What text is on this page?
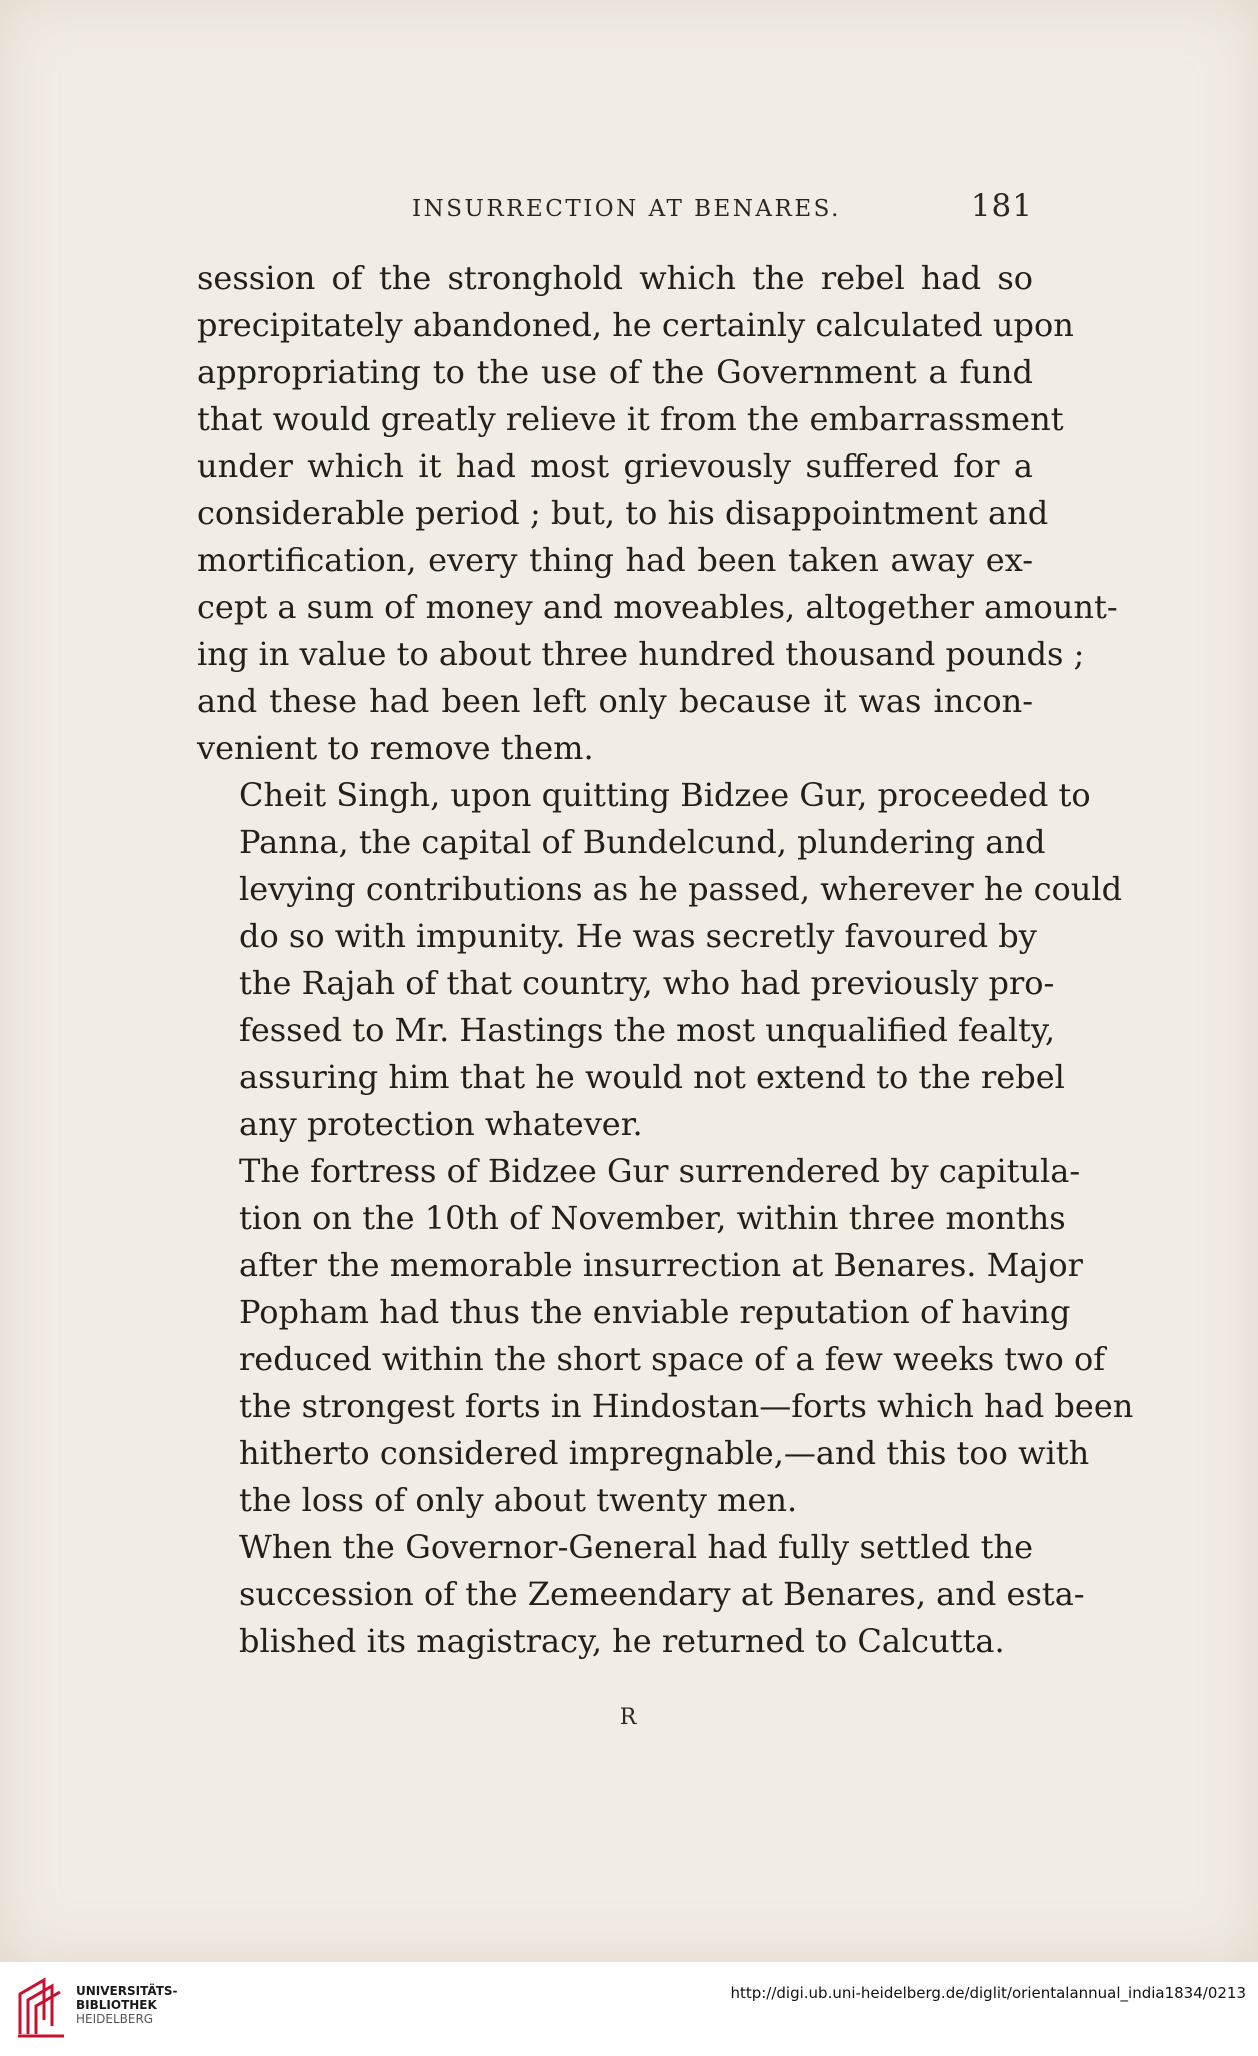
INSURRECTION AT BENARES.	181
session of the stronghold which the rebel had so
precipitately abandoned, he certainly calculated upon
appropriating to the use of the Government a fund
that would greatly relieve it from the embarrassment
under which it had most grievously suffered for a
considerable period ; but, to his disappointment and
mortification, every thing had been taken away ex-
cept a sum of money and moveables, altogether amount-
ing in value to about three hundred thousand pounds ;
and these had been left only because it was incon-
venient to remove them.
Cheit Singh, upon quitting Bidzee Gur, proceeded to
Panna, the capital of Bundelcund, plundering and
levying contributions as he passed, wherever he could
do so with impunity. He was secretly favoured by
the Rajah of that country, who had previously pro-
fessed to Mr. Hastings the most unqualified fealty,
assuring him that he would not extend to the rebel
any protection whatever.
The fortress of Bidzee Gur surrendered by capitula-
tion on the 10th of November, within three months
after the memorable insurrection at Benares. Major
Popham had thus the enviable reputation of having
reduced within the short space of a few weeks two of
the strongest forts in Hindostan—forts which had been
hitherto considered impregnable,—and this too with
the loss of only about twenty men.
When the Governor-General had fully settled the
succession of the Zemeendary at Benares, and esta-
blished its magistracy, he returned to Calcutta.
R
UNIVERSITÄTS-
BIBLIOTHEK
HEIDELBERG
http://digi.ub.uni-heidelberg.de/diglit/orientalannual_india1834/0213
